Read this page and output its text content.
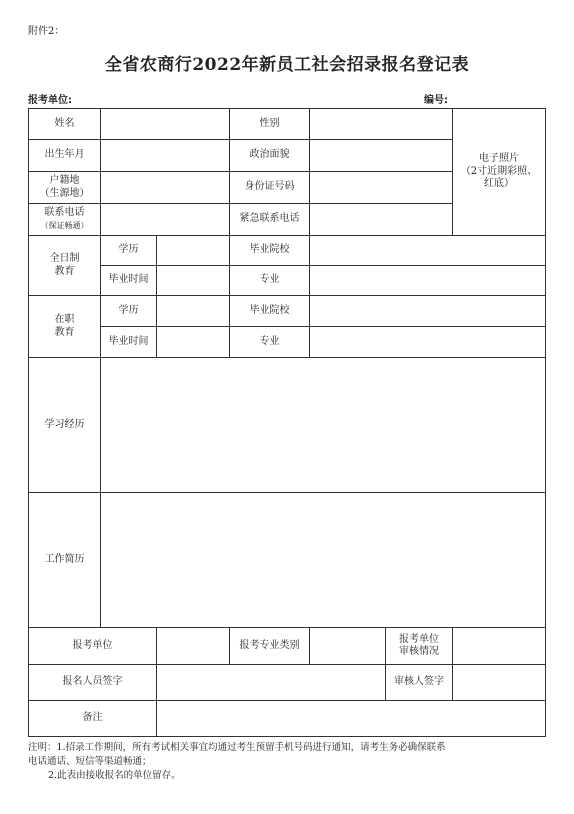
附件2：
全省农商行2022年新员工社会招录报名登记表
报考单位:	编号:
姓名			性别			电子照片
（2寸近期彩照、
红底）
出生年月			政治面貌			
户籍地
（生源地）			身份证号码			
联系电话
（保证畅通）			紧急联系电话			
全日制
教育	学历		毕业院校			
	毕业时间		专业			
在职
教育	学历		毕业院校			
	毕业时间		专业			
学习经历						
工作简历						
报考单位			报考专业类别		报考单位
审核情况	
报名人员签字					审核人签字	
备注						
注明：1.招录工作期间，所有考试相关事宜均通过考生预留手机号码进行通知，请考生务必确保联系
电话通话、短信等渠道畅通；
2.此表由接收报名的单位留存。
